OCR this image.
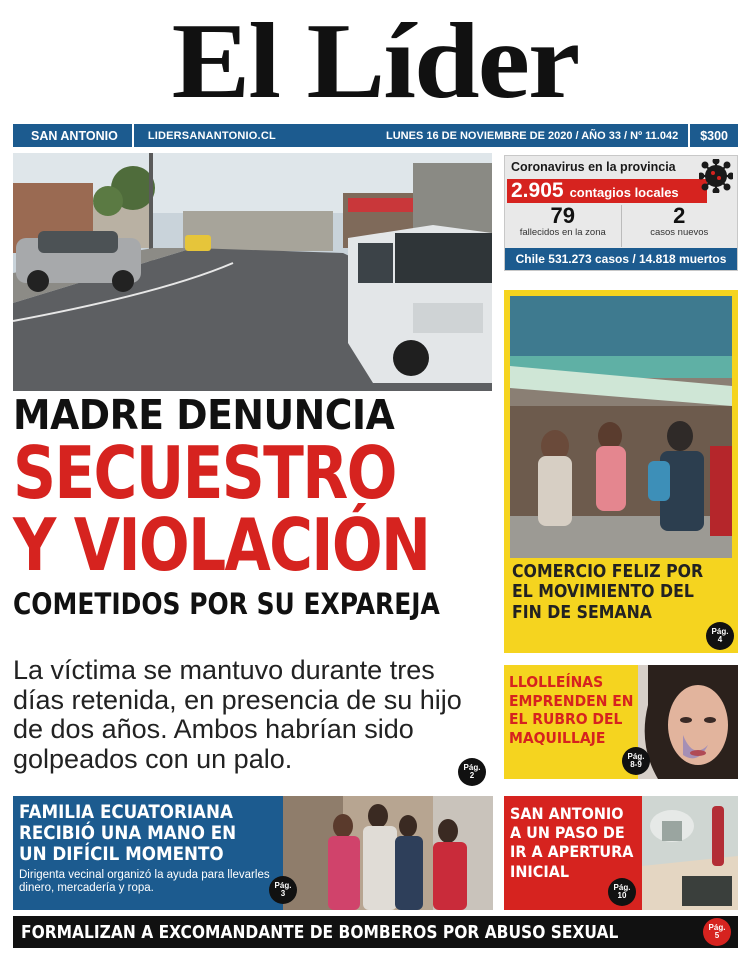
El Líder
SAN ANTONIO	LIDERSANANTONIO.CL	LUNES 16 DE NOVIEMBRE DE 2020 / AÑO 33 / Nº 11.042	$300
MADRE DENUNCIA
SECUESTRO
Y VIOLACIÓN
COMETIDOS POR SU EXPAREJA
La víctima se mantuvo durante tres días retenida, en presencia de su hijo de dos años. Ambos habrían sido golpeados con un palo.	Pág.
2
Coronavirus en la provincia
2.905 contagios locales
79
fallecidos en la zona
2
casos nuevos
Chile 531.273 casos / 14.818 muertos
COMERCIO FELIZ POR
EL MOVIMIENTO DEL
FIN DE SEMANA
Pág.
4
LLOLLEÍNAS
EMPRENDEN EN
EL RUBRO DEL
MAQUILLAJE
Pág.
8-9
FAMILIA ECUATORIANA
RECIBIÓ UNA MANO EN
UN DIFÍCIL MOMENTO
Dirigenta vecinal organizó la ayuda para llevarles dinero, mercadería y ropa.	Pág.
3
SAN ANTONIO
A UN PASO DE
IR A APERTURA
INICIAL
Pág.
10
FORMALIZAN A EXCOMANDANTE DE BOMBEROS POR ABUSO SEXUAL	Pág.
5
